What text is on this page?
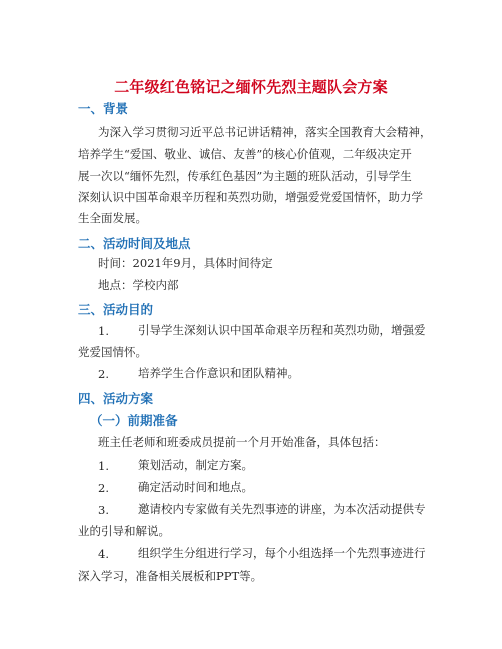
二年级红色铭记之缅怀先烈主题队会方案
一、背景
为深入学习贯彻习近平总书记讲话精神，落实全国教育大会精神，
培养学生“爱国、敬业、诚信、友善”的核心价值观，二年级决定开
展一次以“缅怀先烈，传承红色基因”为主题的班队活动，引导学生
深刻认识中国革命艰辛历程和英烈功勋，增强爱党爱国情怀，助力学
生全面发展。
二、活动时间及地点
时间：2021年9月，具体时间待定
地点：学校内部
三、活动目的
1.	引导学生深刻认识中国革命艰辛历程和英烈功勋，增强爱
党爱国情怀。
2.	培养学生合作意识和团队精神。
四、活动方案
（一）前期准备
班主任老师和班委成员提前一个月开始准备，具体包括：
1.	策划活动，制定方案。
2.	确定活动时间和地点。
3.	邀请校内专家做有关先烈事迹的讲座，为本次活动提供专
业的引导和解说。
4.	组织学生分组进行学习，每个小组选择一个先烈事迹进行
深入学习，准备相关展板和PPT等。
